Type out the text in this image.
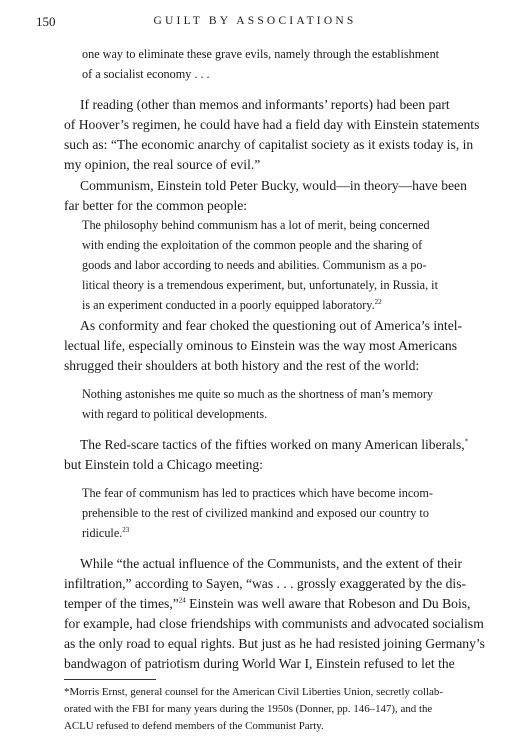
150	GUILT BY ASSOCIATIONS
one way to eliminate these grave evils, namely through the establishment
of a socialist economy . . .
If reading (other than memos and informants’ reports) had been part
of Hoover’s regimen, he could have had a field day with Einstein statements
such as: “The economic anarchy of capitalist society as it exists today is, in
my opinion, the real source of evil.”
Communism, Einstein told Peter Bucky, would—in theory—have been
far better for the common people:
The philosophy behind communism has a lot of merit, being concerned
with ending the exploitation of the common people and the sharing of
goods and labor according to needs and abilities. Communism as a po-
litical theory is a tremendous experiment, but, unfortunately, in Russia, it
is an experiment conducted in a poorly equipped laboratory.$^{22}$
As conformity and fear choked the questioning out of America’s intel-
lectual life, especially ominous to Einstein was the way most Americans
shrugged their shoulders at both history and the rest of the world:
Nothing astonishes me quite so much as the shortness of man’s memory
with regard to political developments.
The Red-scare tactics of the fifties worked on many American liberals,*
but Einstein told a Chicago meeting:
The fear of communism has led to practices which have become incom-
prehensible to the rest of civilized mankind and exposed our country to
ridicule.$^{23}$
While “the actual influence of the Communists, and the extent of their
infiltration,” according to Sayen, “was . . . grossly exaggerated by the dis-
temper of the times,”$^{24}$ Einstein was well aware that Robeson and Du Bois,
for example, had close friendships with communists and advocated socialism
as the only road to equal rights. But just as he had resisted joining Germany’s
bandwagon of patriotism during World War I, Einstein refused to let the
*Morris Ernst, general counsel for the American Civil Liberties Union, secretly collab-
orated with the FBI for many years during the 1950s (Donner, pp. 146–147), and the
ACLU refused to defend members of the Communist Party.
